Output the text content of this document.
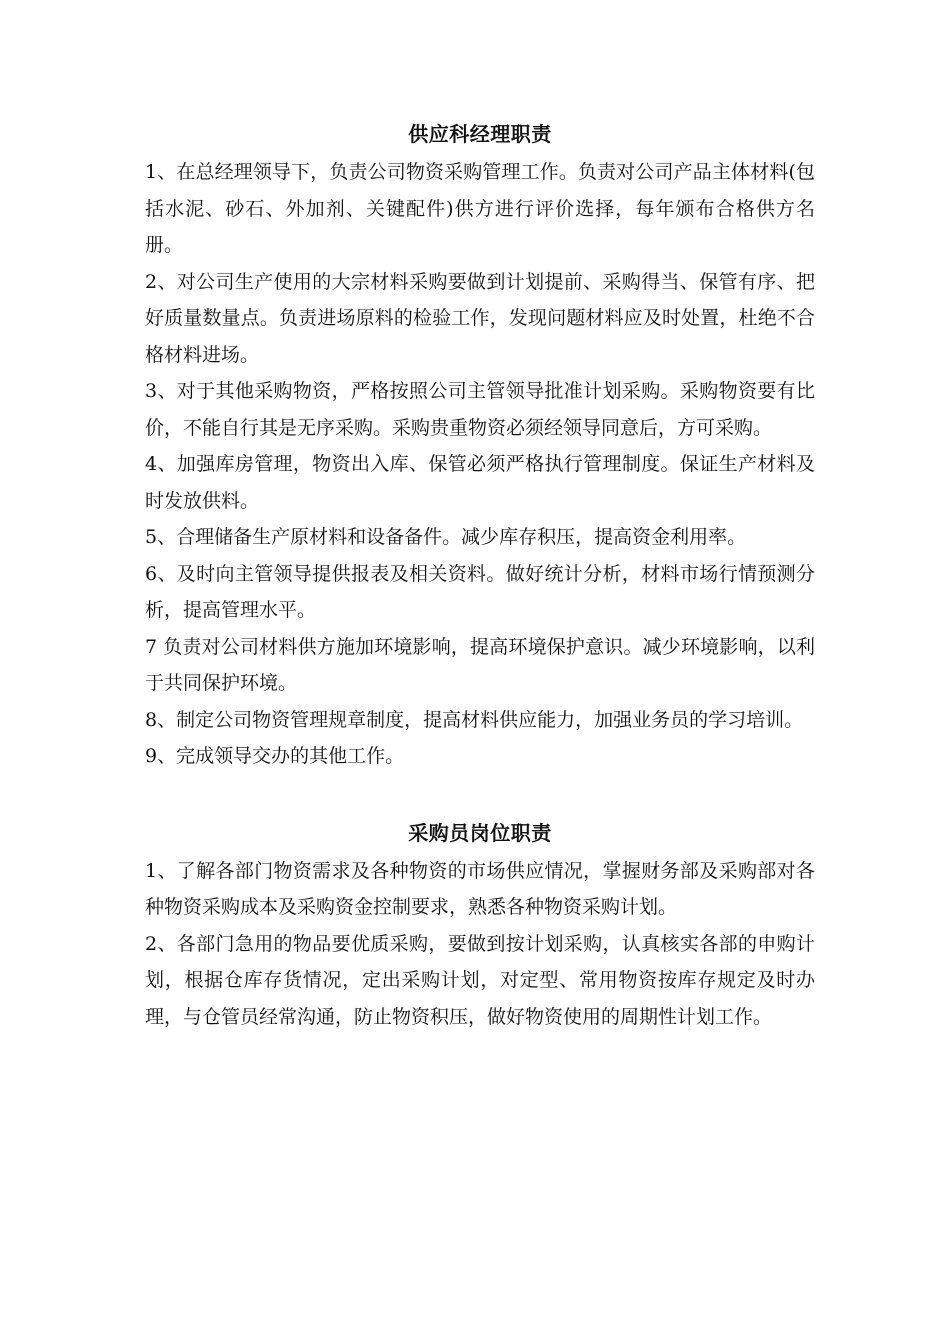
供应科经理职责

1、在总经理领导下，负责公司物资采购管理工作。负责对公司产品主体材料(包括水泥、砂石、外加剂、关键配件)供方进行评价选择，每年颁布合格供方名册。

2、对公司生产使用的大宗材料采购要做到计划提前、采购得当、保管有序、把好质量数量点。负责进场原料的检验工作，发现问题材料应及时处置，杜绝不合格材料进场。

3、对于其他采购物资，严格按照公司主管领导批准计划采购。采购物资要有比价，不能自行其是无序采购。采购贵重物资必须经领导同意后，方可采购。

4、加强库房管理，物资出入库、保管必须严格执行管理制度。保证生产材料及时发放供料。

5、合理储备生产原材料和设备备件。减少库存积压，提高资金利用率。

6、及时向主管领导提供报表及相关资料。做好统计分析，材料市场行情预测分析，提高管理水平。

7 负责对公司材料供方施加环境影响，提高环境保护意识。减少环境影响，以利于共同保护环境。

8、制定公司物资管理规章制度，提高材料供应能力，加强业务员的学习培训。

9、完成领导交办的其他工作。

采购员岗位职责

1、了解各部门物资需求及各种物资的市场供应情况，掌握财务部及采购部对各种物资采购成本及采购资金控制要求，熟悉各种物资采购计划。

2、各部门急用的物品要优质采购，要做到按计划采购，认真核实各部的申购计划，根据仓库存货情况，定出采购计划，对定型、常用物资按库存规定及时办理，与仓管员经常沟通，防止物资积压，做好物资使用的周期性计划工作。
